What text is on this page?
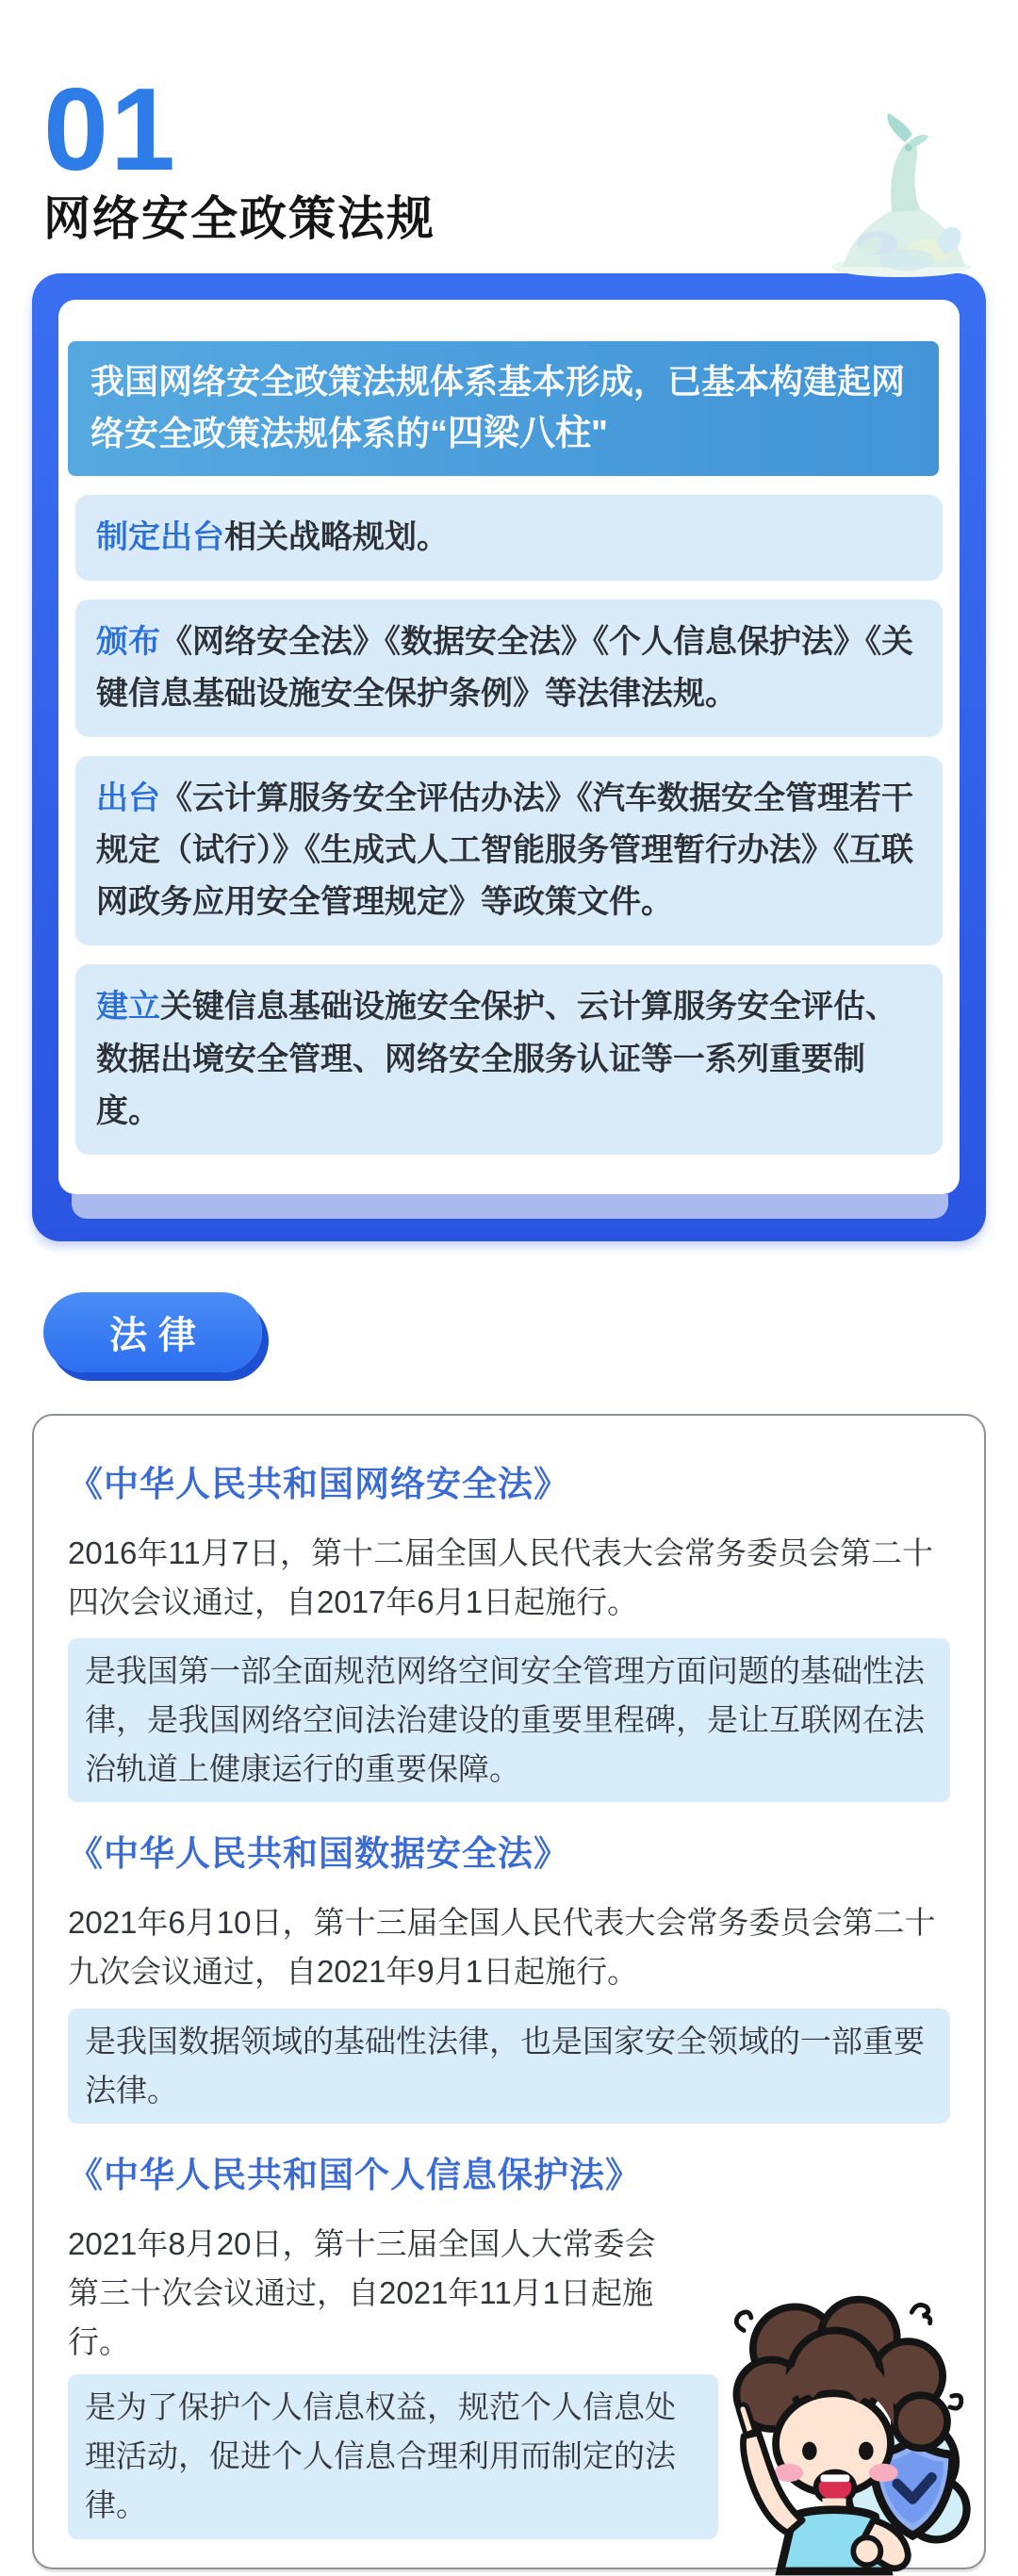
01
网络安全政策法规
我国网络安全政策法规体系基本形成，已基本构建起网络安全政策法规体系的“四梁八柱"

制定出台相关战略规划。

颁布《网络安全法》《数据安全法》《个人信息保护法》《关键信息基础设施安全保护条例》等法律法规。

出台《云计算服务安全评估办法》《汽车数据安全管理若干规定（试行）》《生成式人工智能服务管理暂行办法》《互联网政务应用安全管理规定》等政策文件。

建立关键信息基础设施安全保护、云计算服务安全评估、数据出境安全管理、网络安全服务认证等一系列重要制度。

法律
《中华人民共和国网络安全法》

2016年11月7日，第十二届全国人民代表大会常务委员会第二十四次会议通过，自2017年6月1日起施行。

是我国第一部全面规范网络空间安全管理方面问题的基础性法律，是我国网络空间法治建设的重要里程碑，是让互联网在法治轨道上健康运行的重要保障。

《中华人民共和国数据安全法》

2021年6月10日，第十三届全国人民代表大会常务委员会第二十九次会议通过，自2021年9月1日起施行。

是我国数据领域的基础性法律，也是国家安全领域的一部重要法律。

《中华人民共和国个人信息保护法》

2021年8月20日，第十三届全国人大常委会第三十次会议通过，自2021年11月1日起施行。

是为了保护个人信息权益，规范个人信息处理活动，促进个人信息合理利用而制定的法律。
